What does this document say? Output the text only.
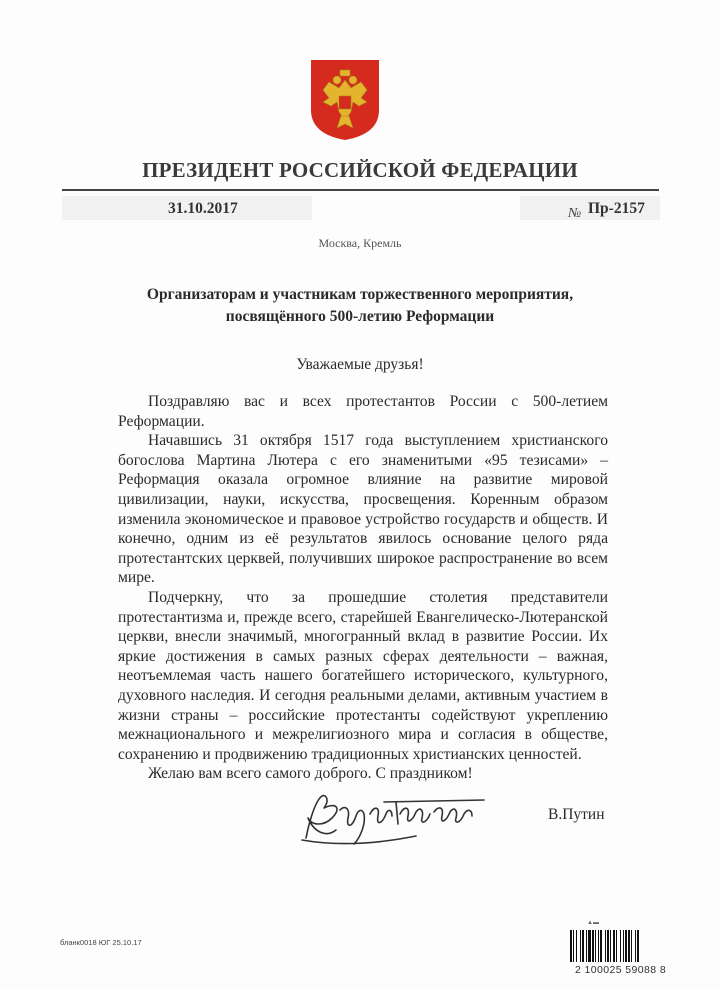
ПРЕЗИДЕНТ РОССИЙСКОЙ ФЕДЕРАЦИИ
31.10.2017	№ Пр-2157
Москва, Кремль
Организаторам и участникам торжественного мероприятия,
посвящённого 500-летию Реформации
Уважаемые друзья!

Поздравляю вас и всех протестантов России с 500-летием Реформации.

Начавшись 31 октября 1517 года выступлением христианского богослова Мартина Лютера с его знаменитыми «95 тезисами» – Реформация оказала огромное влияние на развитие мировой цивилизации, науки, искусства, просвещения. Коренным образом изменила экономическое и правовое устройство государств и обществ. И конечно, одним из её результатов явилось основание целого ряда протестантских церквей, получивших широкое распространение во всем мире.

Подчеркну, что за прошедшие столетия представители протестантизма и, прежде всего, старейшей Евангелическо-Лютеранской церкви, внесли значимый, многогранный вклад в развитие России. Их яркие достижения в самых разных сферах деятельности – важная, неотъемлемая часть нашего богатейшего исторического, культурного, духовного наследия. И сегодня реальными делами, активным участием в жизни страны – российские протестанты содействуют укреплению межнационального и межрелигиозного мира и согласия в обществе, сохранению и продвижению традиционных христианских ценностей.

Желаю вам всего самого доброго. С праздником!

В.Путин
бланк0018 ЮГ 25.10.17
▲▬
2 100025 59088 8
